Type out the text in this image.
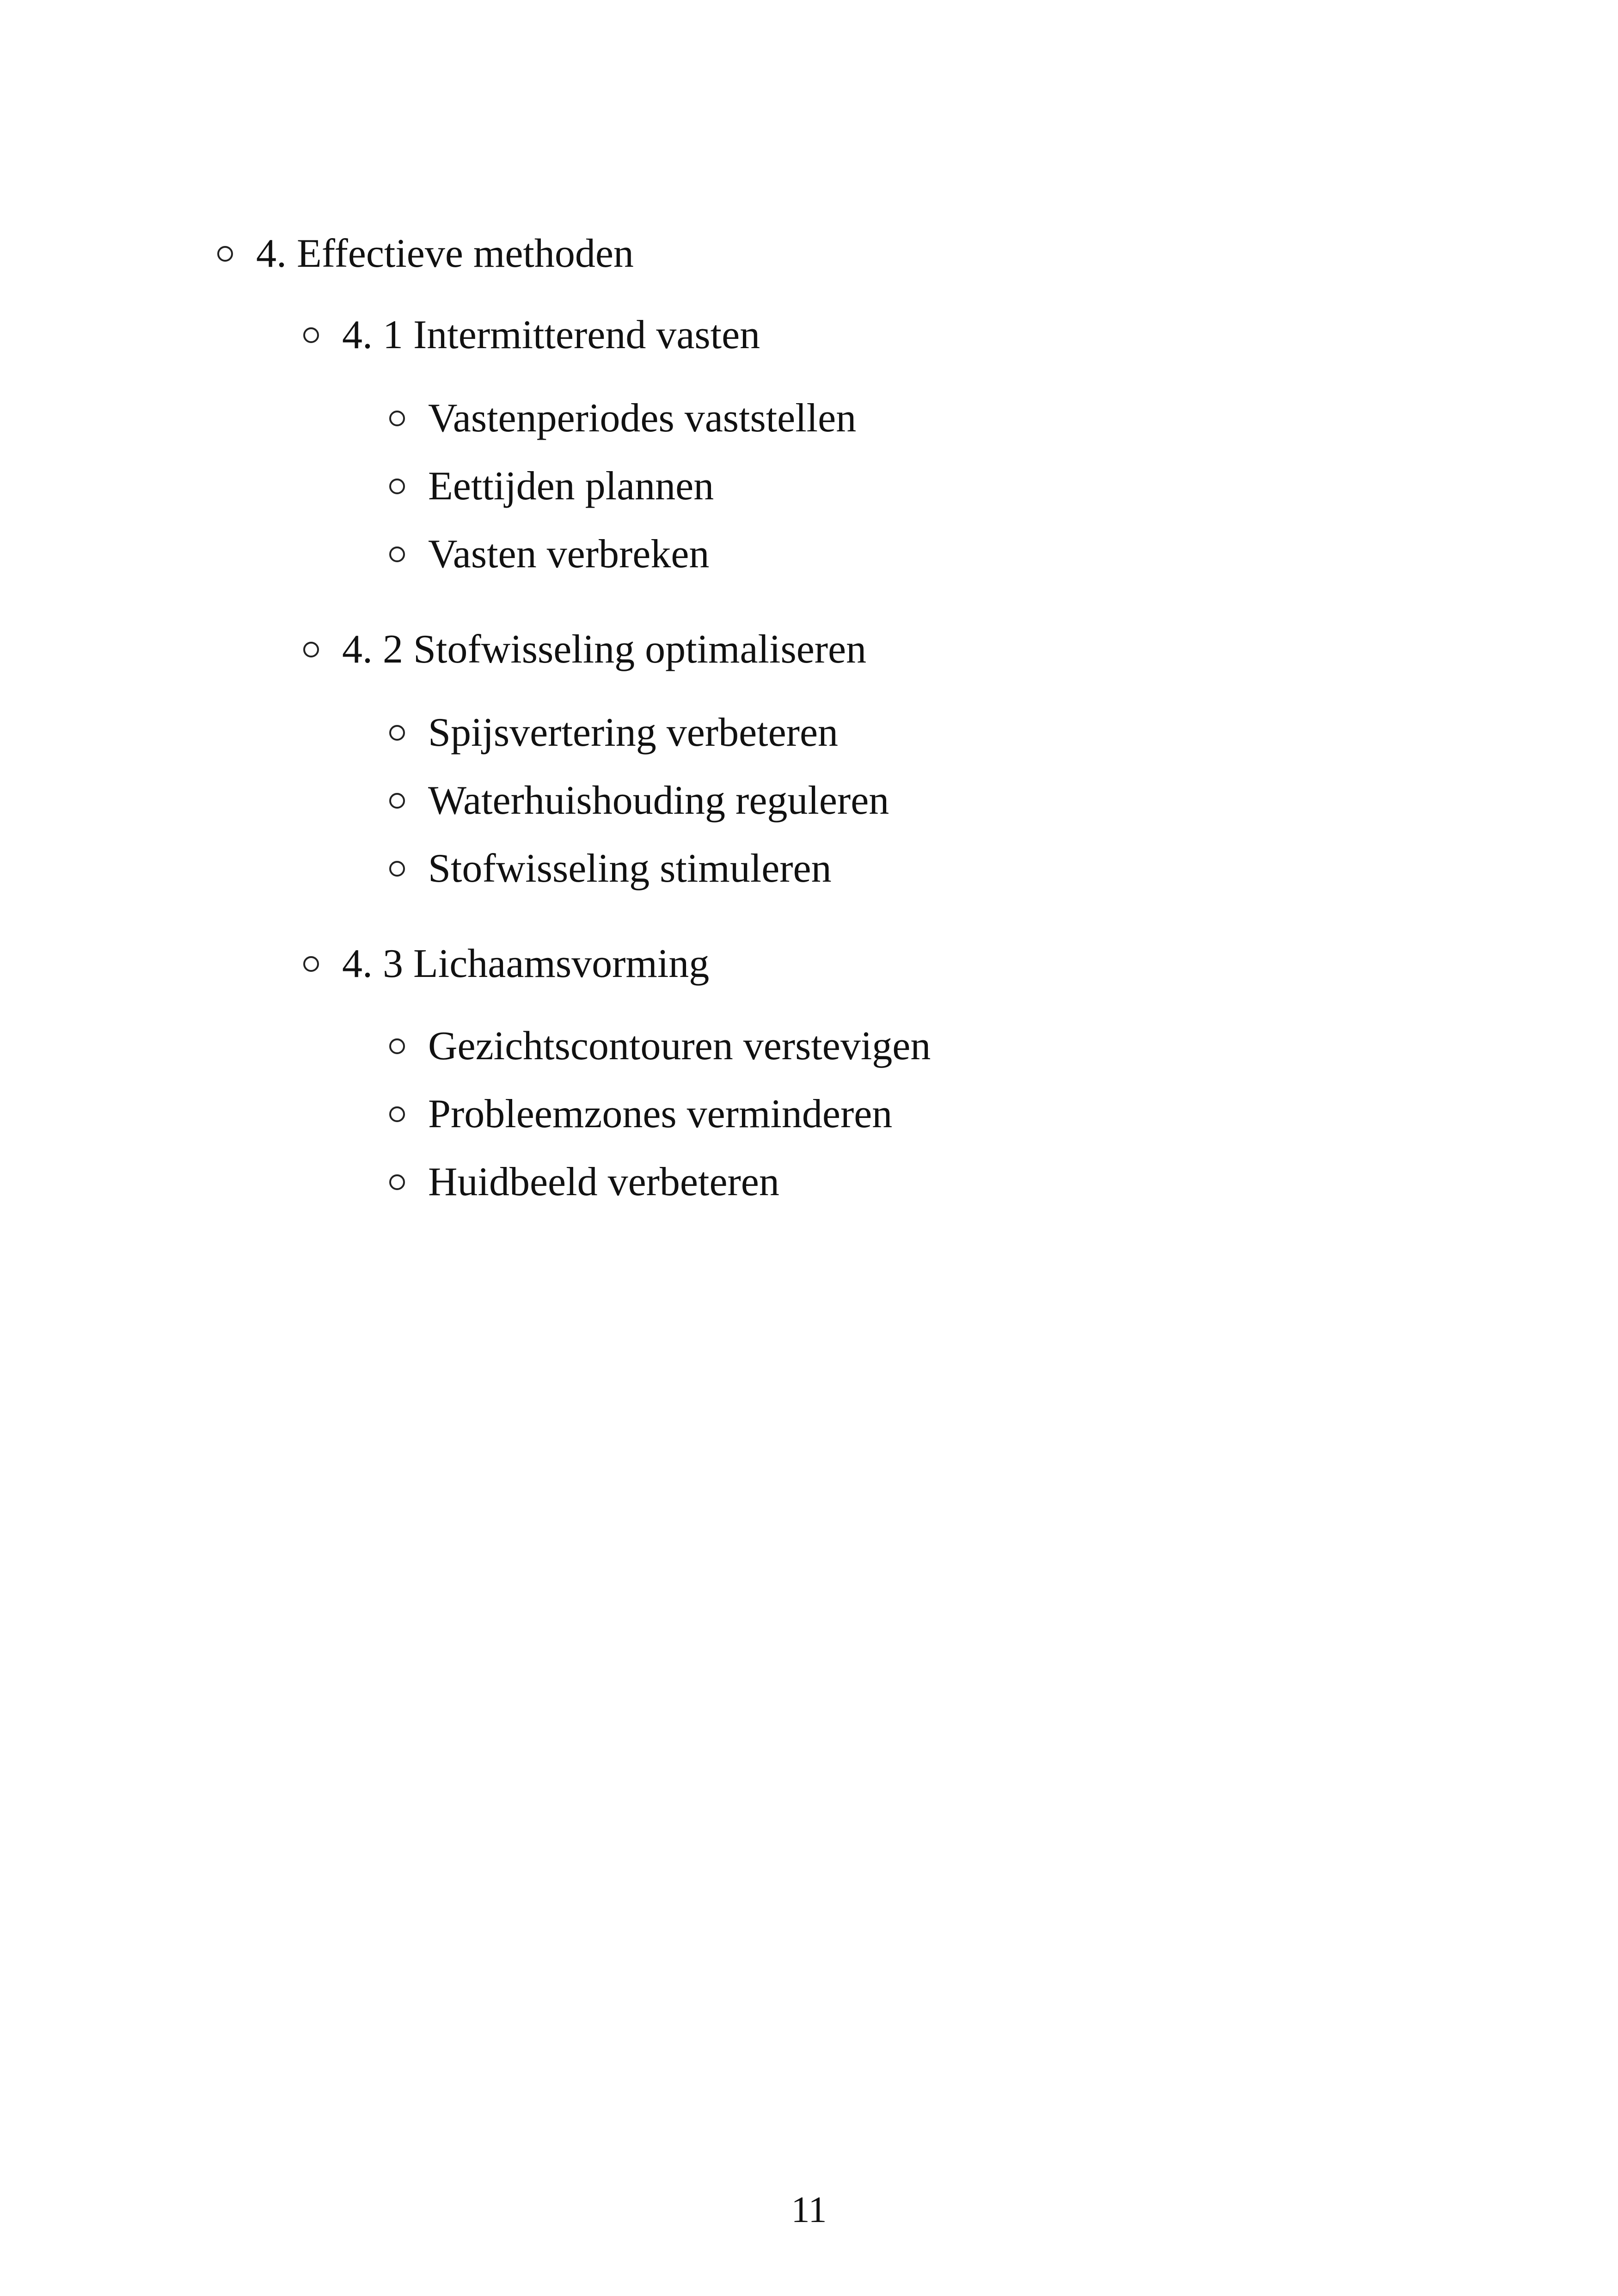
4. Effectieve methoden
4. 1 Intermitterend vasten
Vastenperiodes vaststellen
Eettijden plannen
Vasten verbreken
4. 2 Stofwisseling optimaliseren
Spijsvertering verbeteren
Waterhuishouding reguleren
Stofwisseling stimuleren
4. 3 Lichaamsvorming
Gezichtscontouren verstevigen
Probleemzones verminderen
Huidbeeld verbeteren
11
